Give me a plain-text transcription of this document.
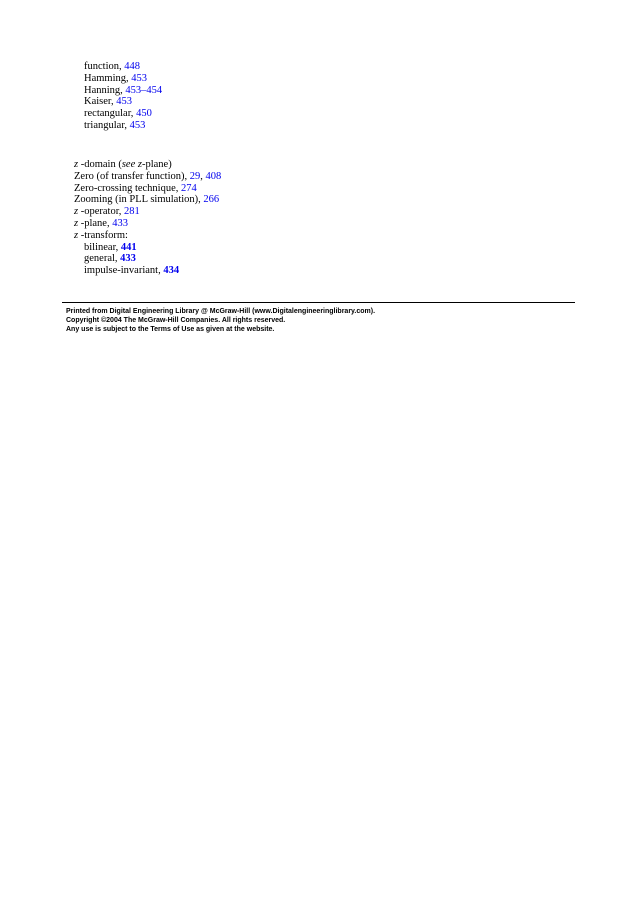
function, 448
Hamming, 453
Hanning, 453–454
Kaiser, 453
rectangular, 450
triangular, 453
z -domain (see z-plane)
Zero (of transfer function), 29, 408
Zero-crossing technique, 274
Zooming (in PLL simulation), 266
z -operator, 281
z -plane, 433
z -transform:
bilinear, 441
general, 433
impulse-invariant, 434
Printed from Digital Engineering Library @ McGraw-Hill (www.Digitalengineeringlibrary.com).
Copyright ©2004 The McGraw-Hill Companies. All rights reserved.
Any use is subject to the Terms of Use as given at the website.
